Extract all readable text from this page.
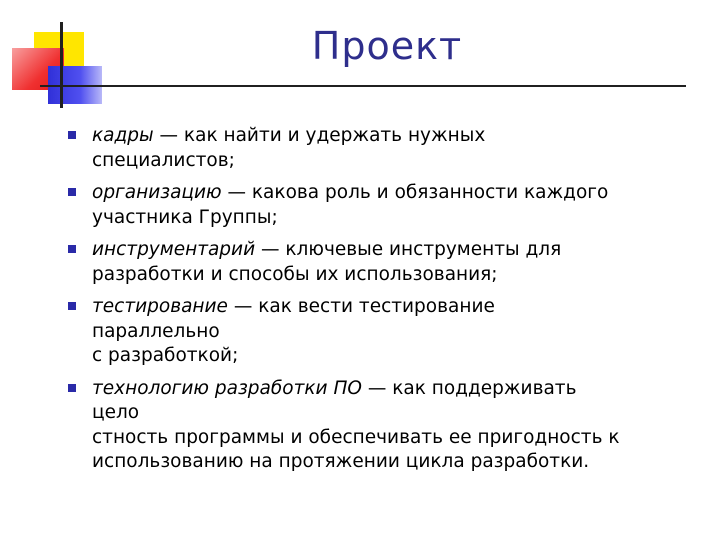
Проект
кадры — как найти и удержать нужных
специалистов;
организацию — какова роль и обязанности каждого
участника Группы;
инструментарий — ключевые инструменты для
разработки и способы их использования;
тестирование — как вести тестирование
параллельно
с разработкой;
технологию разработки ПО — как поддерживать
цело
стность программы и обеспечивать ее пригодность к
использованию на протяжении цикла разработки.
